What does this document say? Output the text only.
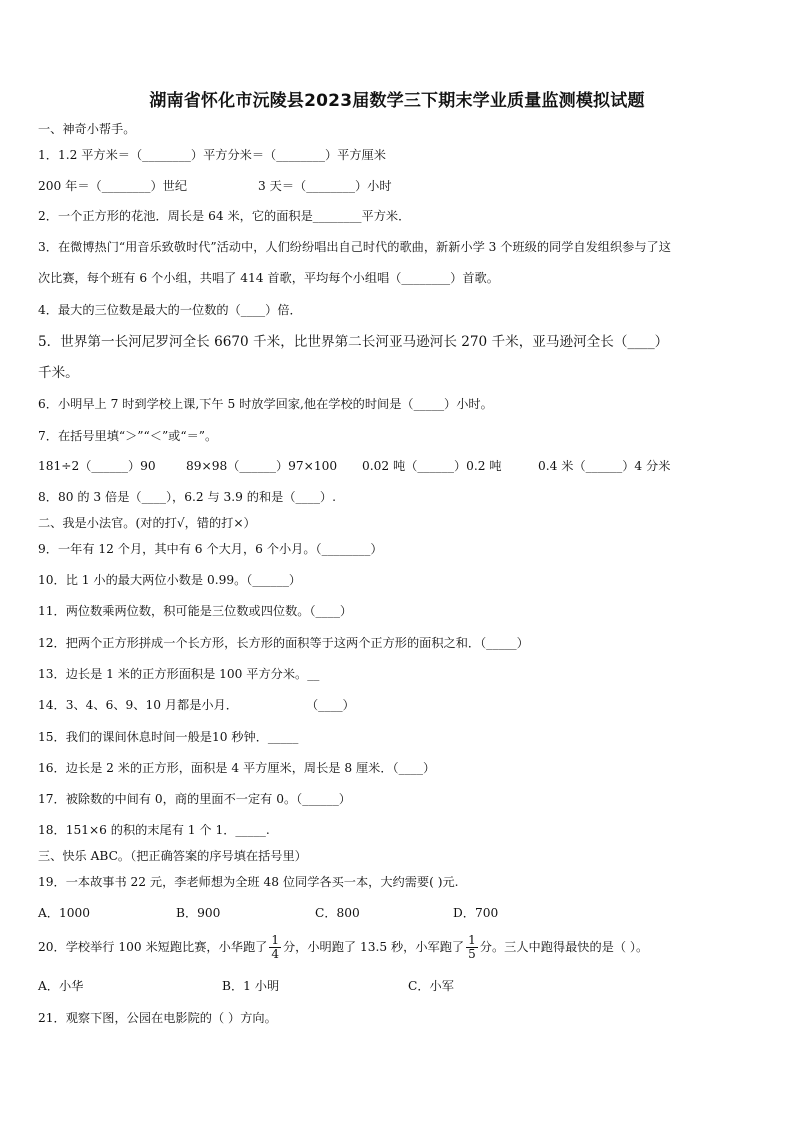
湖南省怀化市沅陵县2023届数学三下期末学业质量监测模拟试题
一、神奇小帮手。
1．1.2 平方米＝（________）平方分米＝（________）平方厘米
200 年＝（________）世纪	3 天＝（________）小时
2．一个正方形的花池．周长是 64 米，它的面积是________平方米．
3．在微博热门“用音乐致敬时代”活动中，人们纷纷唱出自己时代的歌曲，新新小学 3 个班级的同学自发组织参与了这
次比赛，每个班有 6 个小组，共唱了 414 首歌，平均每个小组唱（________）首歌。
4．最大的三位数是最大的一位数的（____）倍．
5．世界第一长河尼罗河全长 6670 千米，比世界第二长河亚马逊河长 270 千米，亚马逊河全长（____）
千米。
6．小明早上 7 时到学校上课,下午 5 时放学回家,他在学校的时间是（_____）小时。
7．在括号里填“＞”“＜”或“＝”。
181÷2（______）90 89×98（______）97×100 0.02 吨（______）0.2 吨	0.4 米（______）4 分米
8．80 的 3 倍是（____），6.2 与 3.9 的和是（____）.
二、我是小法官。(对的打√，错的打×）
9．一年有 12 个月，其中有 6 个大月，6 个小月。（________）
10．比 1 小的最大两位小数是 0.99。（______）
11．两位数乘两位数，积可能是三位数或四位数。（____）
12．把两个正方形拼成一个长方形，长方形的面积等于这两个正方形的面积之和．（_____）
13．边长是 1 米的正方形面积是 100 平方分米。__
14．3、4、6、9、10 月都是小月．	（____）
15．我们的课间休息时间一般是10 秒钟．_____
16．边长是 2 米的正方形，面积是 4 平方厘米，周长是 8 厘米．（____）
17．被除数的中间有 0，商的里面不一定有 0。（______）
18．151×6 的积的末尾有 1 个 1．_____.
三、快乐 ABC。（把正确答案的序号填在括号里）
19．一本故事书 22 元，李老师想为全班 48 位同学各买一本，大约需要( )元.
A．1000	B．900	C．800	D．700
20．学校举行 100 米短跑比赛，小华跑了 $\frac{1}{4}$ 分，小明跑了 13.5 秒，小军跑了 $\frac{1}{5}$ 分。三人中跑得最快的是（ ）。
A．小华	B．1 小明	C．小军
21．观察下图，公园在电影院的（ ）方向。
